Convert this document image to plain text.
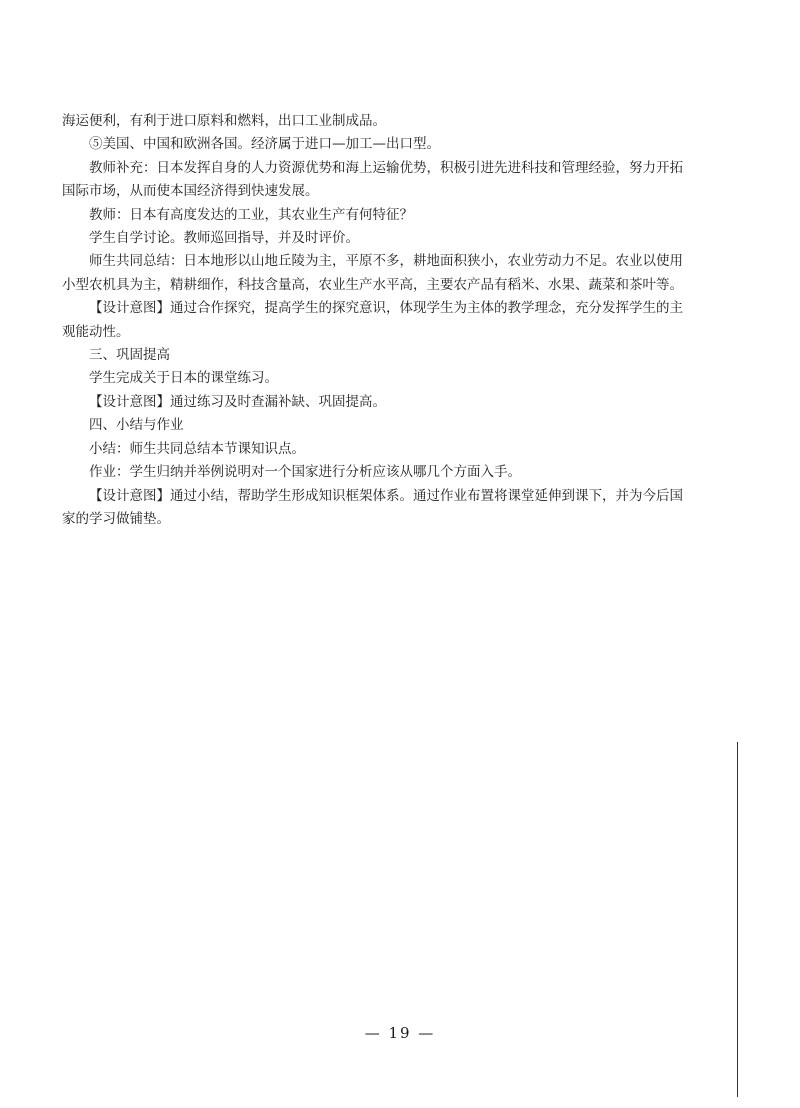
海运便利，有利于进口原料和燃料，出口工业制成品。

⑤美国、中国和欧洲各国。经济属于进口—加工—出口型。

教师补充：日本发挥自身的人力资源优势和海上运输优势，积极引进先进科技和管理经验，努力开拓国际市场，从而使本国经济得到快速发展。

教师：日本有高度发达的工业，其农业生产有何特征？

学生自学讨论。教师巡回指导，并及时评价。

师生共同总结：日本地形以山地丘陵为主，平原不多，耕地面积狭小，农业劳动力不足。农业以使用小型农机具为主，精耕细作，科技含量高，农业生产水平高，主要农产品有稻米、水果、蔬菜和茶叶等。

【设计意图】通过合作探究，提高学生的探究意识，体现学生为主体的教学理念，充分发挥学生的主观能动性。

三、巩固提高

学生完成关于日本的课堂练习。

【设计意图】通过练习及时查漏补缺、巩固提高。

四、小结与作业

小结：师生共同总结本节课知识点。

作业：学生归纳并举例说明对一个国家进行分析应该从哪几个方面入手。

【设计意图】通过小结，帮助学生形成知识框架体系。通过作业布置将课堂延伸到课下，并为今后国家的学习做铺垫。

— 19 —
